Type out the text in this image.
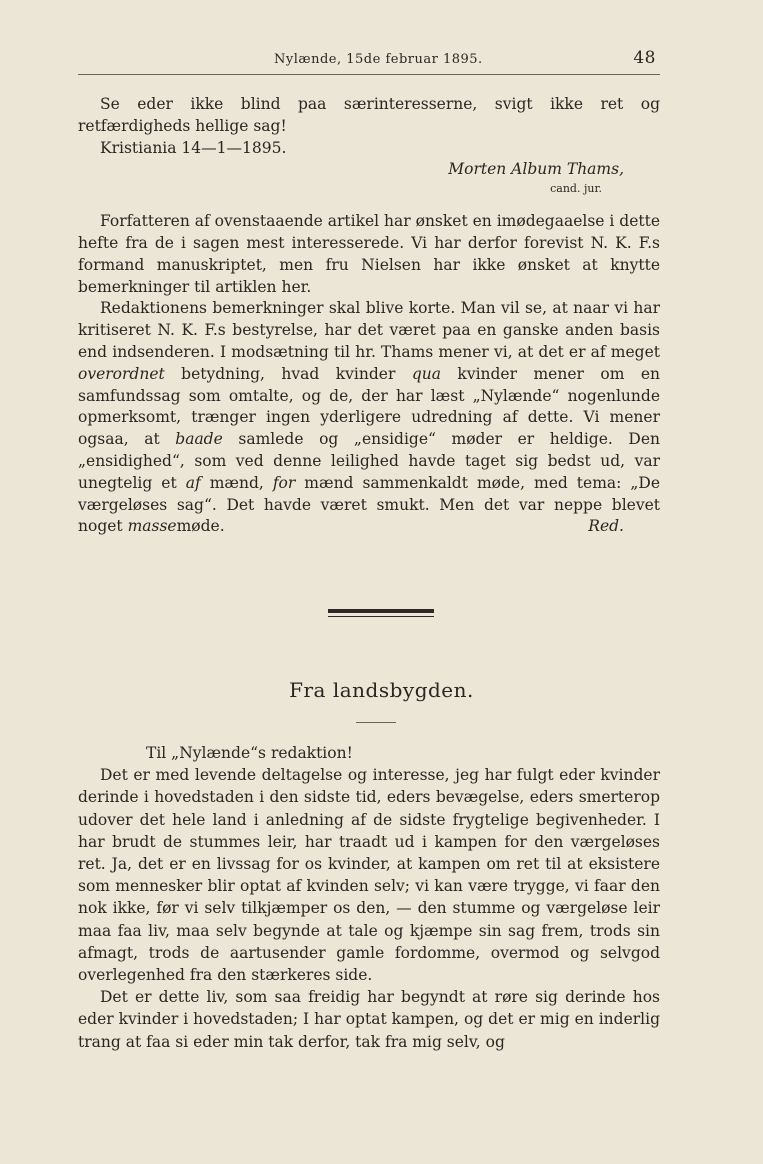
Nylænde, 15de februar 1895.	48

Se eder ikke blind paa særinteresserne, svigt ikke ret og retfærdigheds hellige sag!

Kristiania 14—1—1895.

Morten Album Thams,

cand. jur.

Forfatteren af ovenstaaende artikel har ønsket en imødegaaelse i dette hefte fra de i sagen mest interesserede. Vi har derfor forevist N. K. F.s formand manuskriptet, men fru Nielsen har ikke ønsket at knytte bemerkninger til artiklen her.

Redaktionens bemerkninger skal blive korte. Man vil se, at naar vi har kritiseret N. K. F.s bestyrelse, har det været paa en ganske anden basis end indsenderen. I modsætning til hr. Thams mener vi, at det er af meget overordnet betydning, hvad kvinder qua kvinder mener om en samfundssag som omtalte, og de, der har læst „Nylænde“ nogenlunde opmerksomt, trænger ingen yderligere udredning af dette. Vi mener ogsaa, at baade samlede og „ensidige“ møder er heldige. Den „ensidighed“, som ved denne leilighed havde taget sig bedst ud, var unegtelig et af mænd, for mænd sammenkaldt møde, med tema: „De værgeløses sag“. Det havde været smukt. Men det var neppe blevet noget massemøde.	Red.

Fra landsbygden.

Til „Nylænde“s redaktion!

Det er med levende deltagelse og interesse, jeg har fulgt eder kvinder derinde i hovedstaden i den sidste tid, eders bevægelse, eders smerterop udover det hele land i anledning af de sidste frygtelige begivenheder. I har brudt de stummes leir, har traadt ud i kampen for den værgeløses ret. Ja, det er en livssag for os kvinder, at kampen om ret til at eksistere som mennesker blir optat af kvinden selv; vi kan være trygge, vi faar den nok ikke, før vi selv tilkjæmper os den, — den stumme og værgeløse leir maa faa liv, maa selv begynde at tale og kjæmpe sin sag frem, trods sin afmagt, trods de aartusender gamle fordomme, overmod og selvgod overlegenhed fra den stærkeres side.

Det er dette liv, som saa freidig har begyndt at røre sig derinde hos eder kvinder i hovedstaden; I har optat kampen, og det er mig en inderlig trang at faa si eder min tak derfor, tak fra mig selv, og
